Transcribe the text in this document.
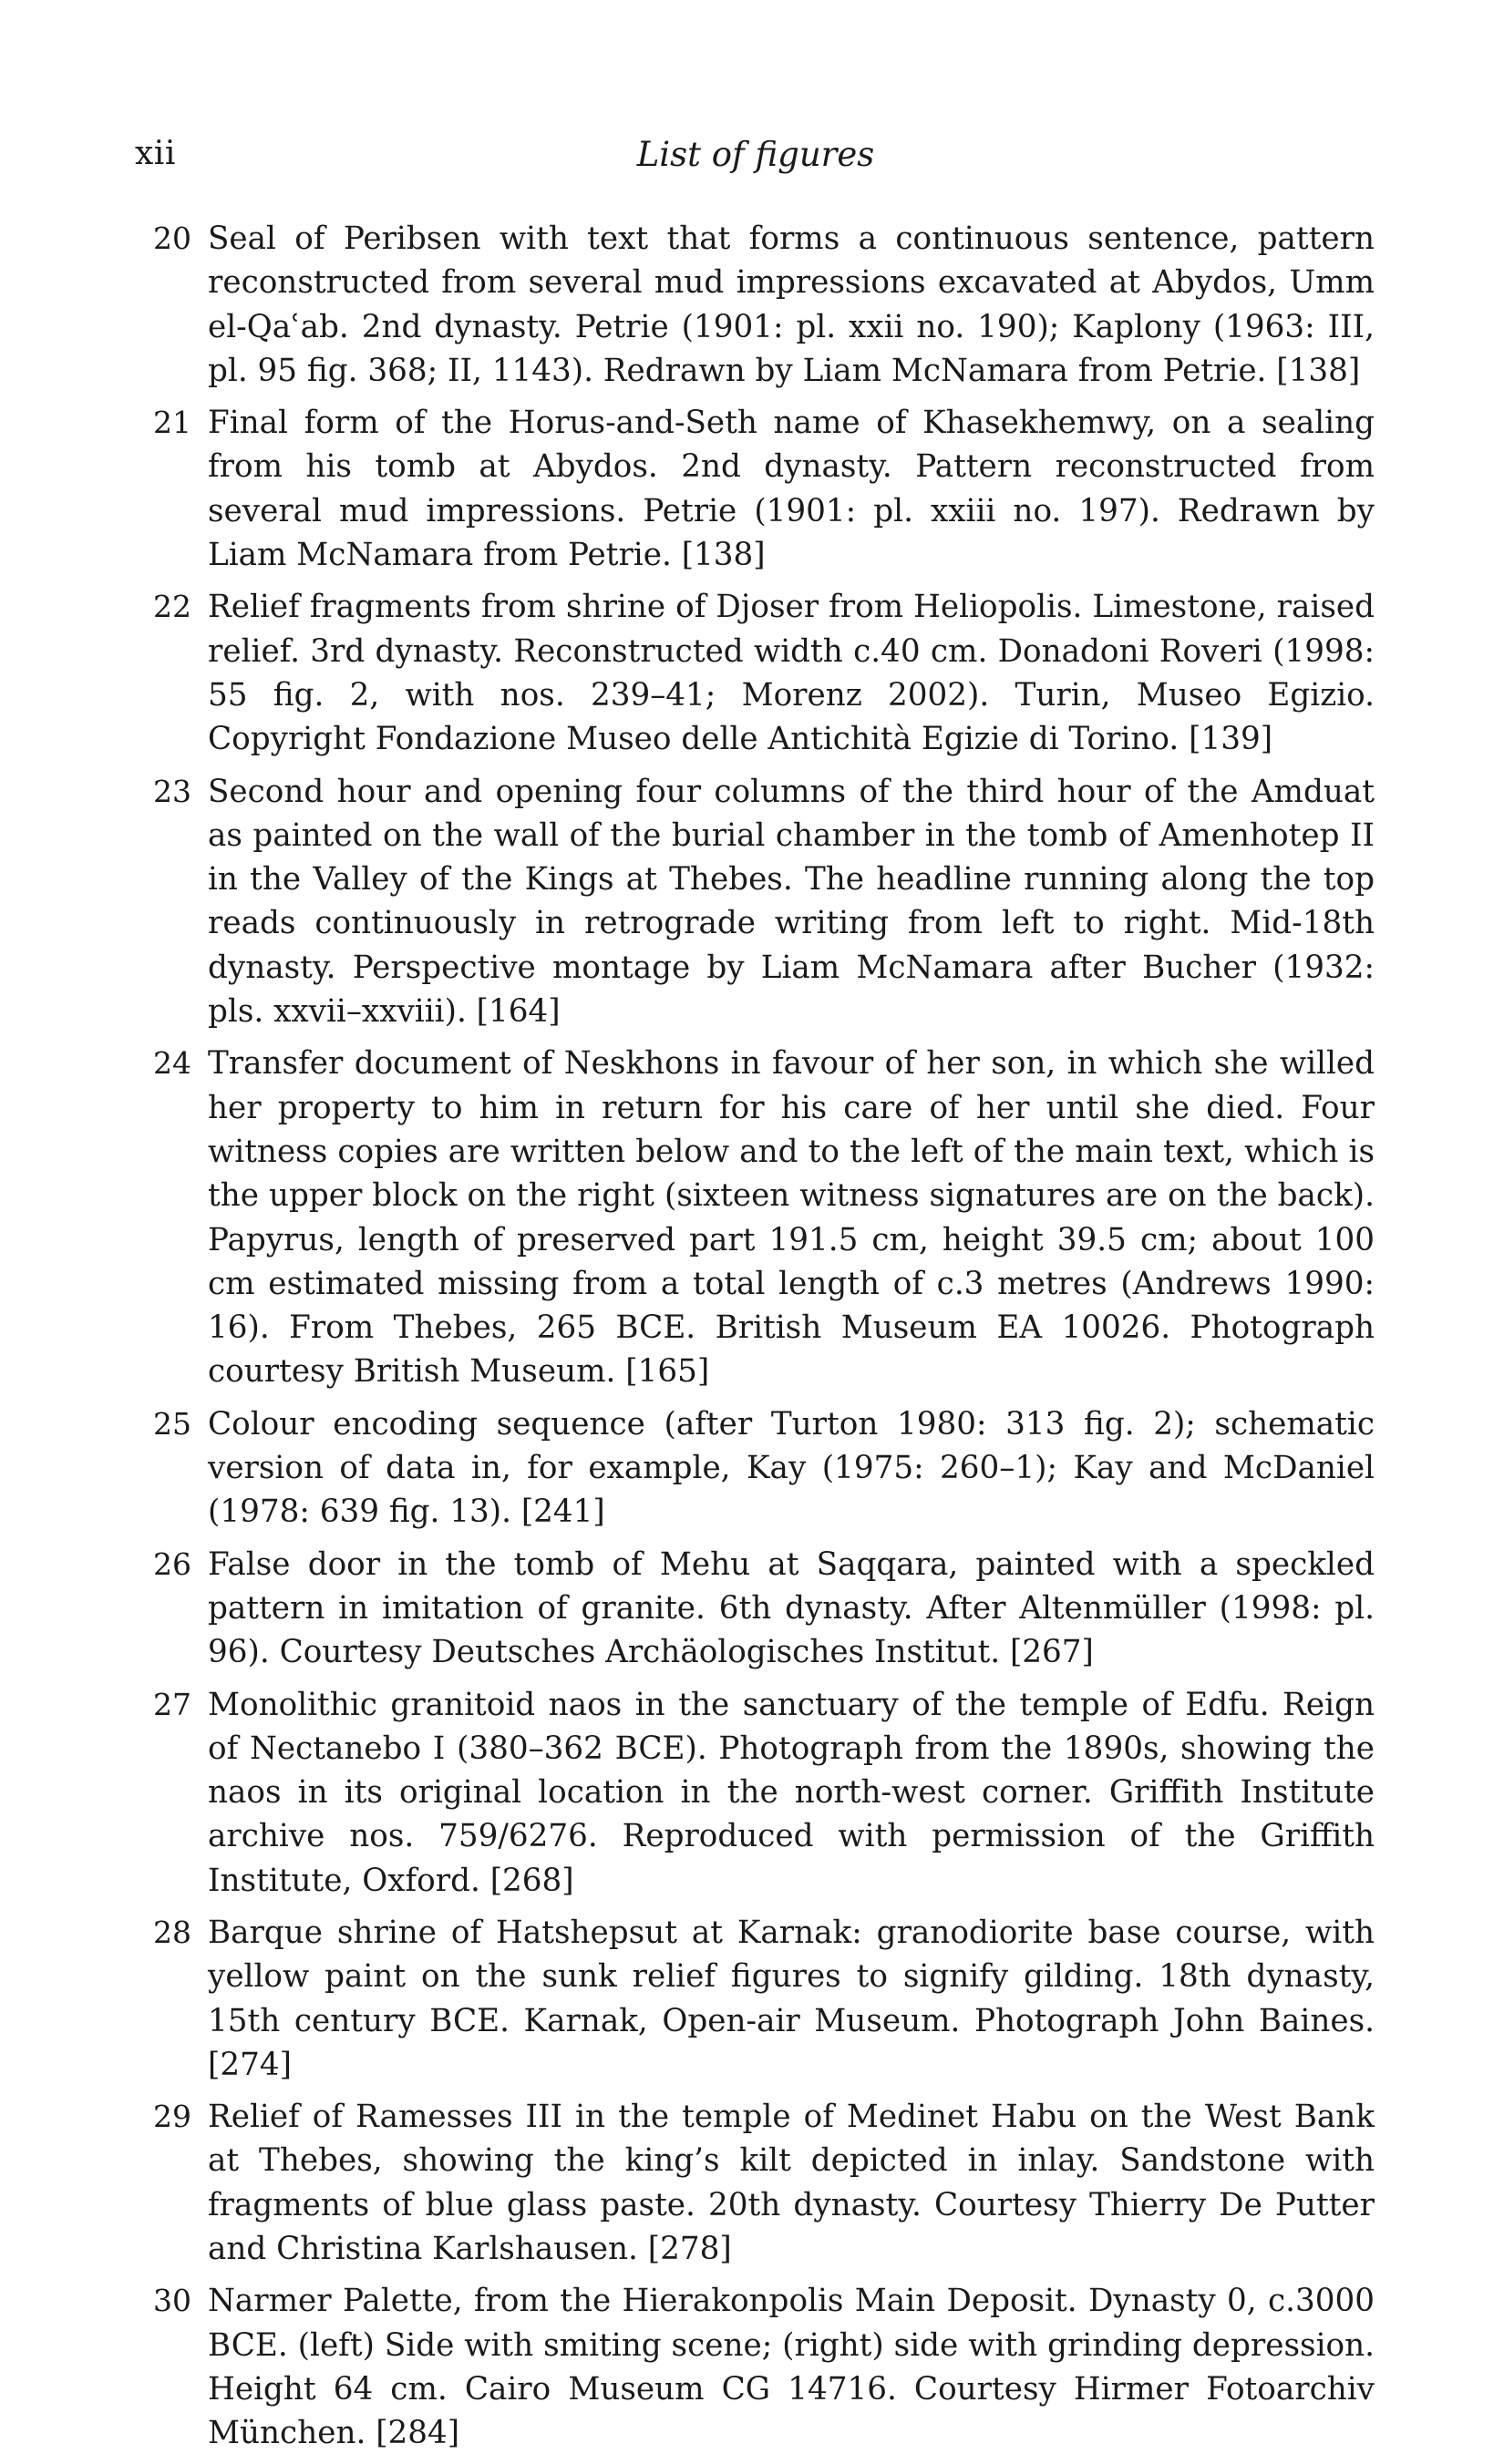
xii	List of figures
20 Seal of Peribsen with text that forms a continuous sentence, pattern reconstructed from several mud impressions excavated at Abydos, Umm el-Qaʿab. 2nd dynasty. Petrie (1901: pl. xxii no. 190); Kaplony (1963: III, pl. 95 fig. 368; II, 1143). Redrawn by Liam McNamara from Petrie. [138]
21 Final form of the Horus-and-Seth name of Khasekhemwy, on a sealing from his tomb at Abydos. 2nd dynasty. Pattern reconstructed from several mud impressions. Petrie (1901: pl. xxiii no. 197). Redrawn by Liam McNamara from Petrie. [138]
22 Relief fragments from shrine of Djoser from Heliopolis. Limestone, raised relief. 3rd dynasty. Reconstructed width c.40 cm. Donadoni Roveri (1998: 55 fig. 2, with nos. 239–41; Morenz 2002). Turin, Museo Egizio. Copyright Fondazione Museo delle Antichità Egizie di Torino. [139]
23 Second hour and opening four columns of the third hour of the Amduat as painted on the wall of the burial chamber in the tomb of Amenhotep II in the Valley of the Kings at Thebes. The headline running along the top reads continuously in retrograde writing from left to right. Mid-18th dynasty. Perspective montage by Liam McNamara after Bucher (1932: pls. xxvii–xxviii). [164]
24 Transfer document of Neskhons in favour of her son, in which she willed her property to him in return for his care of her until she died. Four witness copies are written below and to the left of the main text, which is the upper block on the right (sixteen witness signatures are on the back). Papyrus, length of preserved part 191.5 cm, height 39.5 cm; about 100 cm estimated missing from a total length of c.3 metres (Andrews 1990: 16). From Thebes, 265 BCE. British Museum EA 10026. Photograph courtesy British Museum. [165]
25 Colour encoding sequence (after Turton 1980: 313 fig. 2); schematic version of data in, for example, Kay (1975: 260–1); Kay and McDaniel (1978: 639 fig. 13). [241]
26 False door in the tomb of Mehu at Saqqara, painted with a speckled pattern in imitation of granite. 6th dynasty. After Altenmüller (1998: pl. 96). Courtesy Deutsches Archäologisches Institut. [267]
27 Monolithic granitoid naos in the sanctuary of the temple of Edfu. Reign of Nectanebo I (380–362 BCE). Photograph from the 1890s, showing the naos in its original location in the north-west corner. Griffith Institute archive nos. 759/6276. Reproduced with permission of the Griffith Institute, Oxford. [268]
28 Barque shrine of Hatshepsut at Karnak: granodiorite base course, with yellow paint on the sunk relief figures to signify gilding. 18th dynasty, 15th century BCE. Karnak, Open-air Museum. Photograph John Baines. [274]
29 Relief of Ramesses III in the temple of Medinet Habu on the West Bank at Thebes, showing the king’s kilt depicted in inlay. Sandstone with fragments of blue glass paste. 20th dynasty. Courtesy Thierry De Putter and Christina Karlshausen. [278]
30 Narmer Palette, from the Hierakonpolis Main Deposit. Dynasty 0, c.3000 BCE. (left) Side with smiting scene; (right) side with grinding depression. Height 64 cm. Cairo Museum CG 14716. Courtesy Hirmer Fotoarchiv München. [284]
